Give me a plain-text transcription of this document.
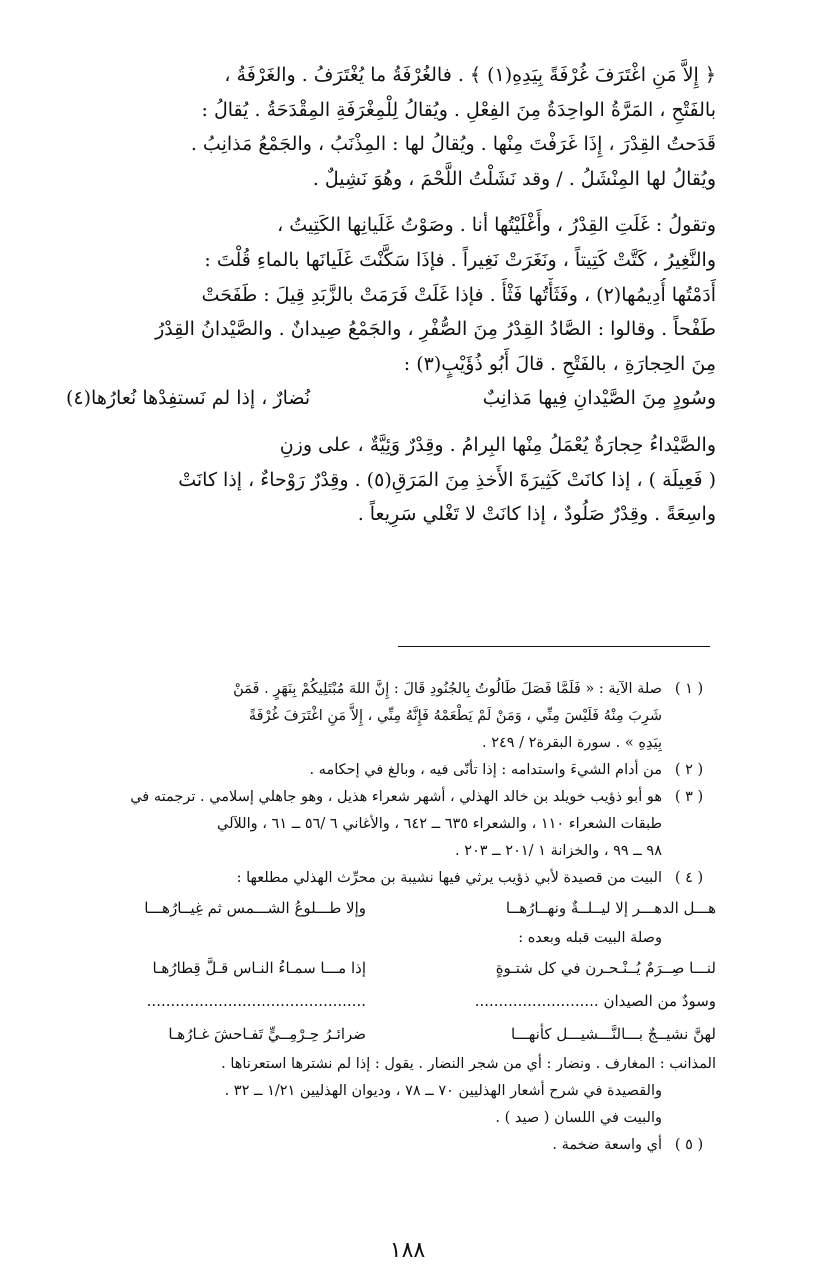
﴿ إِلاَّ مَنِ اغْتَرَفَ غُرْفَةً بِيَدِهِ(١) ﴾ . فالغُرْفَةُ ما يُغْتَرَفُ . والغَرْفَةُ ،
بالفَتْحِ ، المَرَّةُ الواحِدَةُ مِنَ الفِعْلِ . ويُقالُ لِلْمِغْرَفَةِ المِقْدَحَةُ . يُقالُ :
قَدَحتُ القِدْرَ ، إِذَا غَرَفْتَ مِنْها . ويُقالُ لها : المِذْنَبُ ، والجَمْعُ مَذانِبُ .
ويُقالُ لها المِنْشَلُ . / وقد نَشَلْتُ اللَّحْمَ ، وهُوَ نَشِيلٌ .
وتقولُ : غَلَتِ القِدْرُ ، وأَغْلَيْتُها أنا . وصَوْتُ غَلَيانِها الكَتِيتُ ،
والنَّغِيرُ ، كَتَّتْ كَتِيتاً ، ونَغَرَتْ نَغِيراً . فإذَا سَكَّنْتَ غَلَيانَها بالماءِ قُلْتَ :
أَدَمْتُها أُدِيمُها(٢) ، وفَثَأْتُها فَثْأً . فإذا غَلَتْ فَرَمَتْ بالزَّبَدِ قِيلَ : طَفَحَتْ
طَفْحاً . وقالوا : الصَّادُ القِدْرُ مِنَ الصُّفْرِ ، والجَمْعُ صِيدانٌ . والصَّيْدانُ القِدْرُ
مِنَ الحِجارَةِ ، بالفَتْحِ . قالَ أَبُو ذُؤَيْبٍ(٣) :
وسُودٍ مِنَ الصَّيْدانِ فِيها مَذانِبٌ
نُضارٌ ، إذا لم نَستفِدْها نُعارُها(٤)
والصَّيْداءُ حِجارَةٌ يُعْمَلُ مِنْها البِرامُ . وقِدْرٌ وَئِيَّةٌ ، على وزنِ
( فَعِيلَة ) ، إذا كانَتْ كَثِيرَةَ الأَخذِ مِنَ المَرَقِ(٥) . وقِدْرٌ رَوْحاءٌ ، إذا كانَتْ
واسِعَةً . وقِدْرٌ صَلُودٌ ، إذا كانَتْ لا تَغْلي سَرِيعاً .
( ١ )
صلة الآية : « فَلَمَّا فَصَلَ طَالُوتُ بِالجُنُودِ قَالَ : إِنَّ اللهَ مُبْتَلِيكُمْ بِنَهَرٍ . فَمَنْ
شَرِبَ مِنْهُ فَلَيْسَ مِنِّي ، وَمَنْ لَمْ يَطْعَمْهُ فَإِنَّهُ مِنِّي ، إِلاَّ مَنِ اغْتَرَفَ غُرْفَةً
بِيَدِهِ » . سورة البقرة٢ / ٢٤٩ .
( ٢ )
من أدام الشيءَ واستدامه : إذا تأنّى فيه ، وبالغ في إحكامه .
( ٣ )
هو أبو ذؤيب خويلد بن خالد الهذلي ، أشهر شعراء هذيل ، وهو جاهلي إسلامي . ترجمته في
طبقات الشعراء ١١٠ ، والشعراء ٦٣٥ ــ ٦٤٢ ، والأغاني ٦ /٥٦ ــ ٦١ ، واللآلي
٩٨ ــ ٩٩ ، والخزانة ١ /٢٠١ ــ ٢٠٣ .
( ٤ )
البيت من قصيدة لأبي ذؤيب يرثي فيها نشيبة بن محرِّث الهذلي مطلعها :
هـــل الدهـــر إلا ليــلــةٌ ونهــارُهــا
وإلا طـــلوعُ الشـــمس ثم غِيــارُهـــا
وصلة البيت قبله وبعده :
لنـــا صِــرَمٌ يُــنْـحـرن في كل شتـوةٍ
إذا مـــا سمـاءُ النـاس قـلَّ قِطارُهـا
وسودٌ من الصيدان ..........................
..............................................
لهنَّ نشيــجٌ بـــالنَّـــشيـــل كأنهـــا
ضرائـرُ حِـرْمِــيٍّ تَفـاحشَ غـارُهـا
المذانب : المغارف . ونضار : أي من شجر النضار . يقول : إذا لم نشترها استعرناها .
والقصيدة في شرح أشعار الهذليين ٧٠ ــ ٧٨ ، وديوان الهذليين ١/٢١ ــ ٣٢ .
والبيت في اللسان ( صيد ) .
( ٥ )
أي واسعة ضخمة .
١٨٨
